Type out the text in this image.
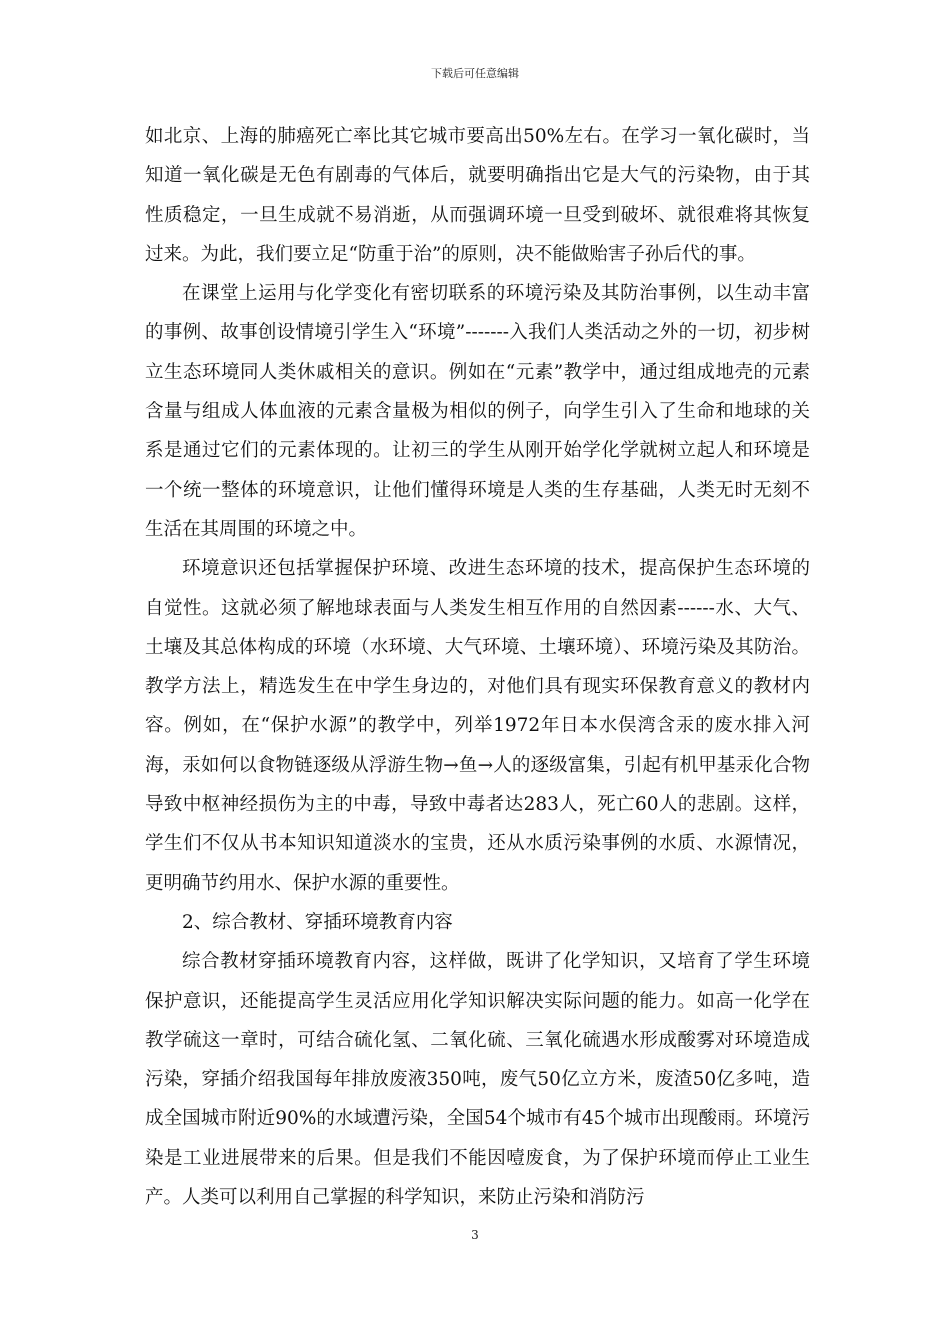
下载后可任意编辑

如北京、上海的肺癌死亡率比其它城市要高出50%左右。在学习一氧化碳时，当知道一氧化碳是无色有剧毒的气体后，就要明确指出它是大气的污染物，由于其性质稳定，一旦生成就不易消逝，从而强调环境一旦受到破坏、就很难将其恢复过来。为此，我们要立足“防重于治”的原则，决不能做贻害子孙后代的事。

在课堂上运用与化学变化有密切联系的环境污染及其防治事例，以生动丰富的事例、故事创设情境引学生入“环境”-------入我们人类活动之外的一切，初步树立生态环境同人类休戚相关的意识。例如在“元素”教学中，通过组成地壳的元素含量与组成人体血液的元素含量极为相似的例子，向学生引入了生命和地球的关系是通过它们的元素体现的。让初三的学生从刚开始学化学就树立起人和环境是一个统一整体的环境意识，让他们懂得环境是人类的生存基础，人类无时无刻不生活在其周围的环境之中。

环境意识还包括掌握保护环境、改进生态环境的技术，提高保护生态环境的自觉性。这就必须了解地球表面与人类发生相互作用的自然因素------水、大气、土壤及其总体构成的环境（水环境、大气环境、土壤环境）、环境污染及其防治。教学方法上，精选发生在中学生身边的，对他们具有现实环保教育意义的教材内容。例如，在“保护水源”的教学中，列举1972年日本水俣湾含汞的废水排入河海，汞如何以食物链逐级从浮游生物→鱼→人的逐级富集，引起有机甲基汞化合物导致中枢神经损伤为主的中毒，导致中毒者达283人，死亡60人的悲剧。这样，学生们不仅从书本知识知道淡水的宝贵，还从水质污染事例的水质、水源情况，更明确节约用水、保护水源的重要性。

2、综合教材、穿插环境教育内容

综合教材穿插环境教育内容，这样做，既讲了化学知识，又培育了学生环境保护意识，还能提高学生灵活应用化学知识解决实际问题的能力。如高一化学在教学硫这一章时，可结合硫化氢、二氧化硫、三氧化硫遇水形成酸雾对环境造成污染，穿插介绍我国每年排放废液350吨，废气50亿立方米，废渣50亿多吨，造成全国城市附近90%的水域遭污染，全国54个城市有45个城市出现酸雨。环境污染是工业进展带来的后果。但是我们不能因噎废食，为了保护环境而停止工业生产。人类可以利用自己掌握的科学知识，来防止污染和消防污

3
